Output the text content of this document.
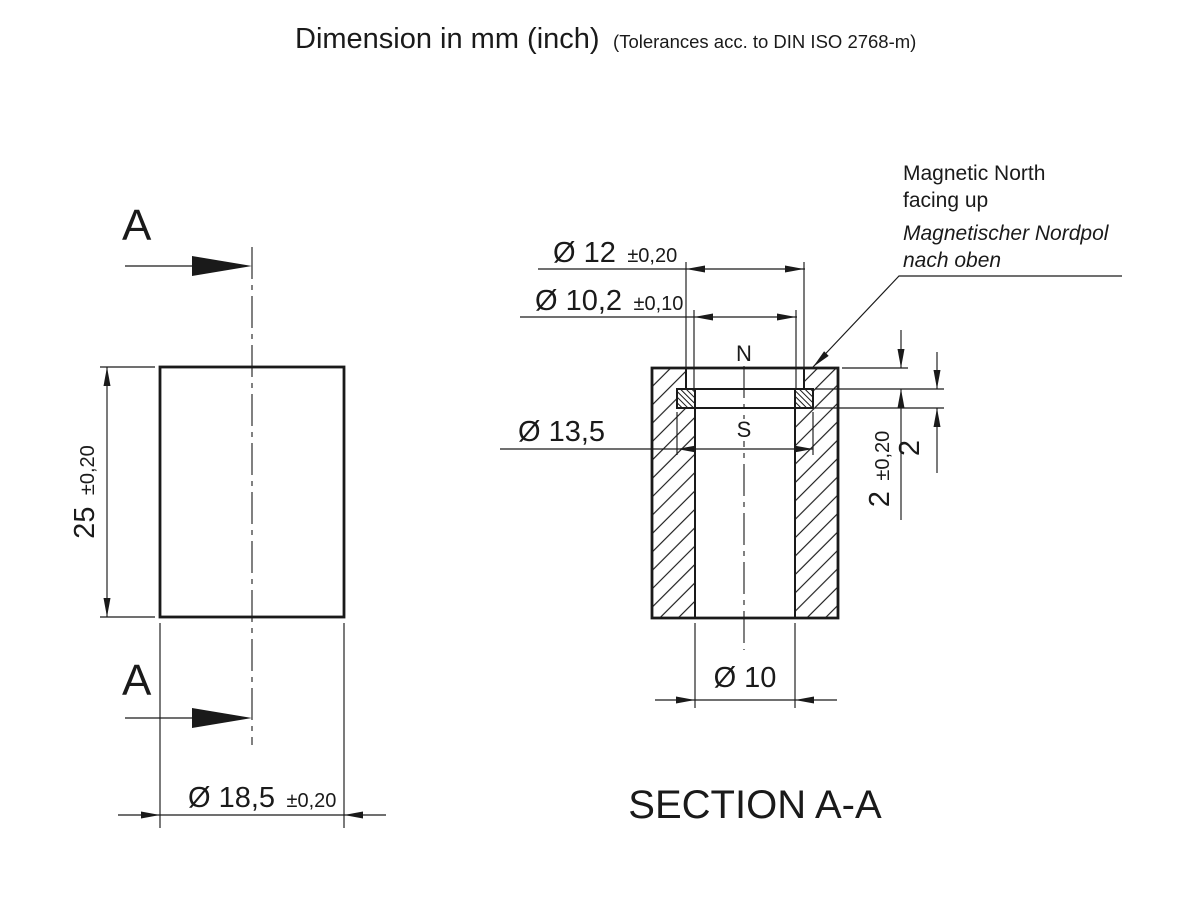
Dimension in mm (inch) (Tolerances acc. to DIN ISO 2768-m)
A
A
25 ±0,20
Ø 18,5 ±0,20
N
S
Ø 12 ±0,20
Ø 10,2 ±0,10
Ø 13,5
Ø 10
2 ±0,20 2
Magnetic North
facing up
Magnetischer Nordpol
nach oben
SECTION A-A
